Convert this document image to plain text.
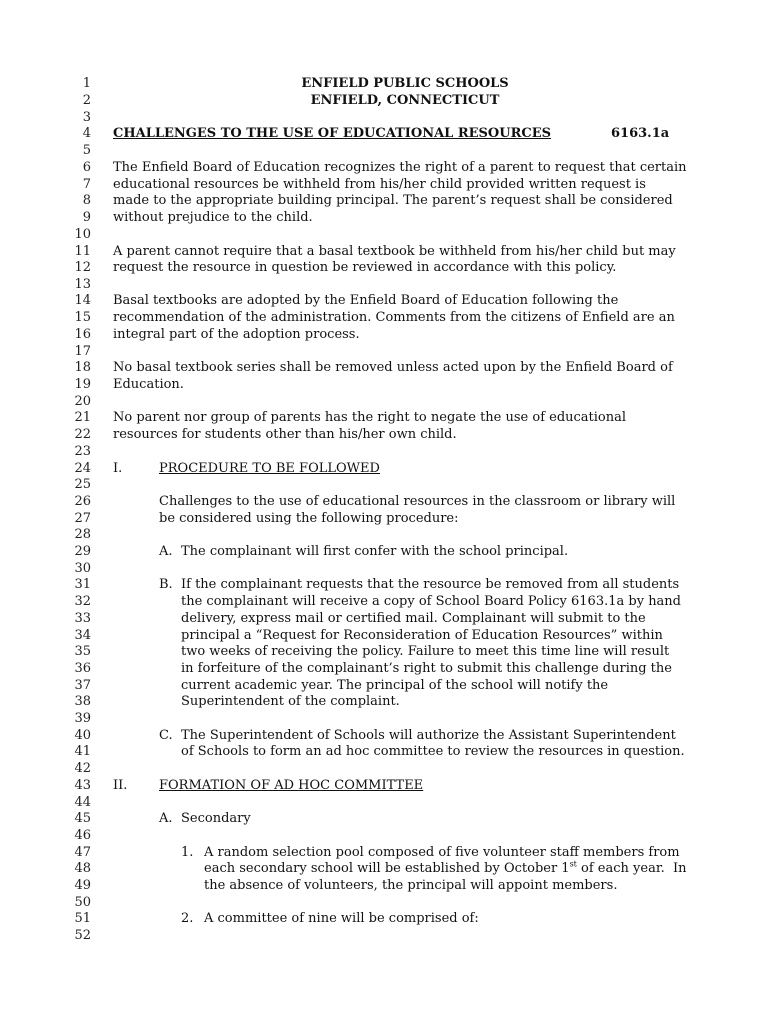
1	ENFIELD PUBLIC SCHOOLS
2	ENFIELD, CONNECTICUT
3
4 CHALLENGES TO THE USE OF EDUCATIONAL RESOURCES	6163.1a
5
6 The Enfield Board of Education recognizes the right of a parent to request that certain
7 educational resources be withheld from his/her child provided written request is
8 made to the appropriate building principal. The parent’s request shall be considered
9 without prejudice to the child.
10
11 A parent cannot require that a basal textbook be withheld from his/her child but may
12 request the resource in question be reviewed in accordance with this policy.
13
14 Basal textbooks are adopted by the Enfield Board of Education following the
15 recommendation of the administration. Comments from the citizens of Enfield are an
16 integral part of the adoption process.
17
18 No basal textbook series shall be removed unless acted upon by the Enfield Board of
19 Education.
20
21 No parent nor group of parents has the right to negate the use of educational
22 resources for students other than his/her own child.
23
24 I.	PROCEDURE TO BE FOLLOWED
25
26	Challenges to the use of educational resources in the classroom or library will
27	be considered using the following procedure:
28
29	A. The complainant will first confer with the school principal.
30
31	B. If the complainant requests that the resource be removed from all students
32	the complainant will receive a copy of School Board Policy 6163.1a by hand
33	delivery, express mail or certified mail. Complainant will submit to the
34	principal a “Request for Reconsideration of Education Resources” within
35	two weeks of receiving the policy. Failure to meet this time line will result
36	in forfeiture of the complainant’s right to submit this challenge during the
37	current academic year. The principal of the school will notify the
38	Superintendent of the complaint.
39
40	C. The Superintendent of Schools will authorize the Assistant Superintendent
41	of Schools to form an ad hoc committee to review the resources in question.
42
43 II. FORMATION OF AD HOC COMMITTEE
44
45	A. Secondary
46
47	1. A random selection pool composed of five volunteer staff members from
48	each secondary school will be established by October 1st of each year.  In
49	the absence of volunteers, the principal will appoint members.
50
51	2. A committee of nine will be comprised of:
52
